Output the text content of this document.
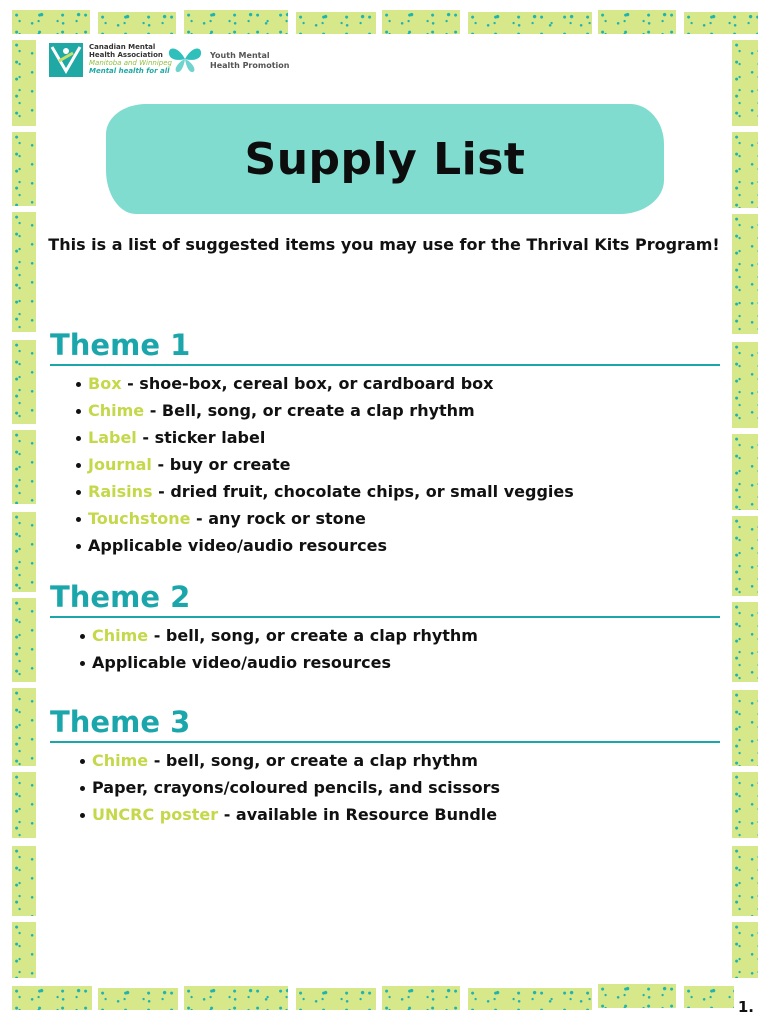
Canadian Mental
Health Association
Manitoba and Winnipeg
Mental health for all
Youth Mental
Health Promotion
Supply List

This is a list of suggested items you may use for the Thrival Kits Program!

Theme 1
Box - shoe-box, cereal box, or cardboard box
Chime - Bell, song, or create a clap rhythm
Label - sticker label
Journal - buy or create
Raisins - dried fruit, chocolate chips, or small veggies
Touchstone - any rock or stone
Applicable video/audio resources
Theme 2
Chime - bell, song, or create a clap rhythm
Applicable video/audio resources
Theme 3
Chime - bell, song, or create a clap rhythm
Paper, crayons/coloured pencils, and scissors
UNCRC poster - available in Resource Bundle
1.
